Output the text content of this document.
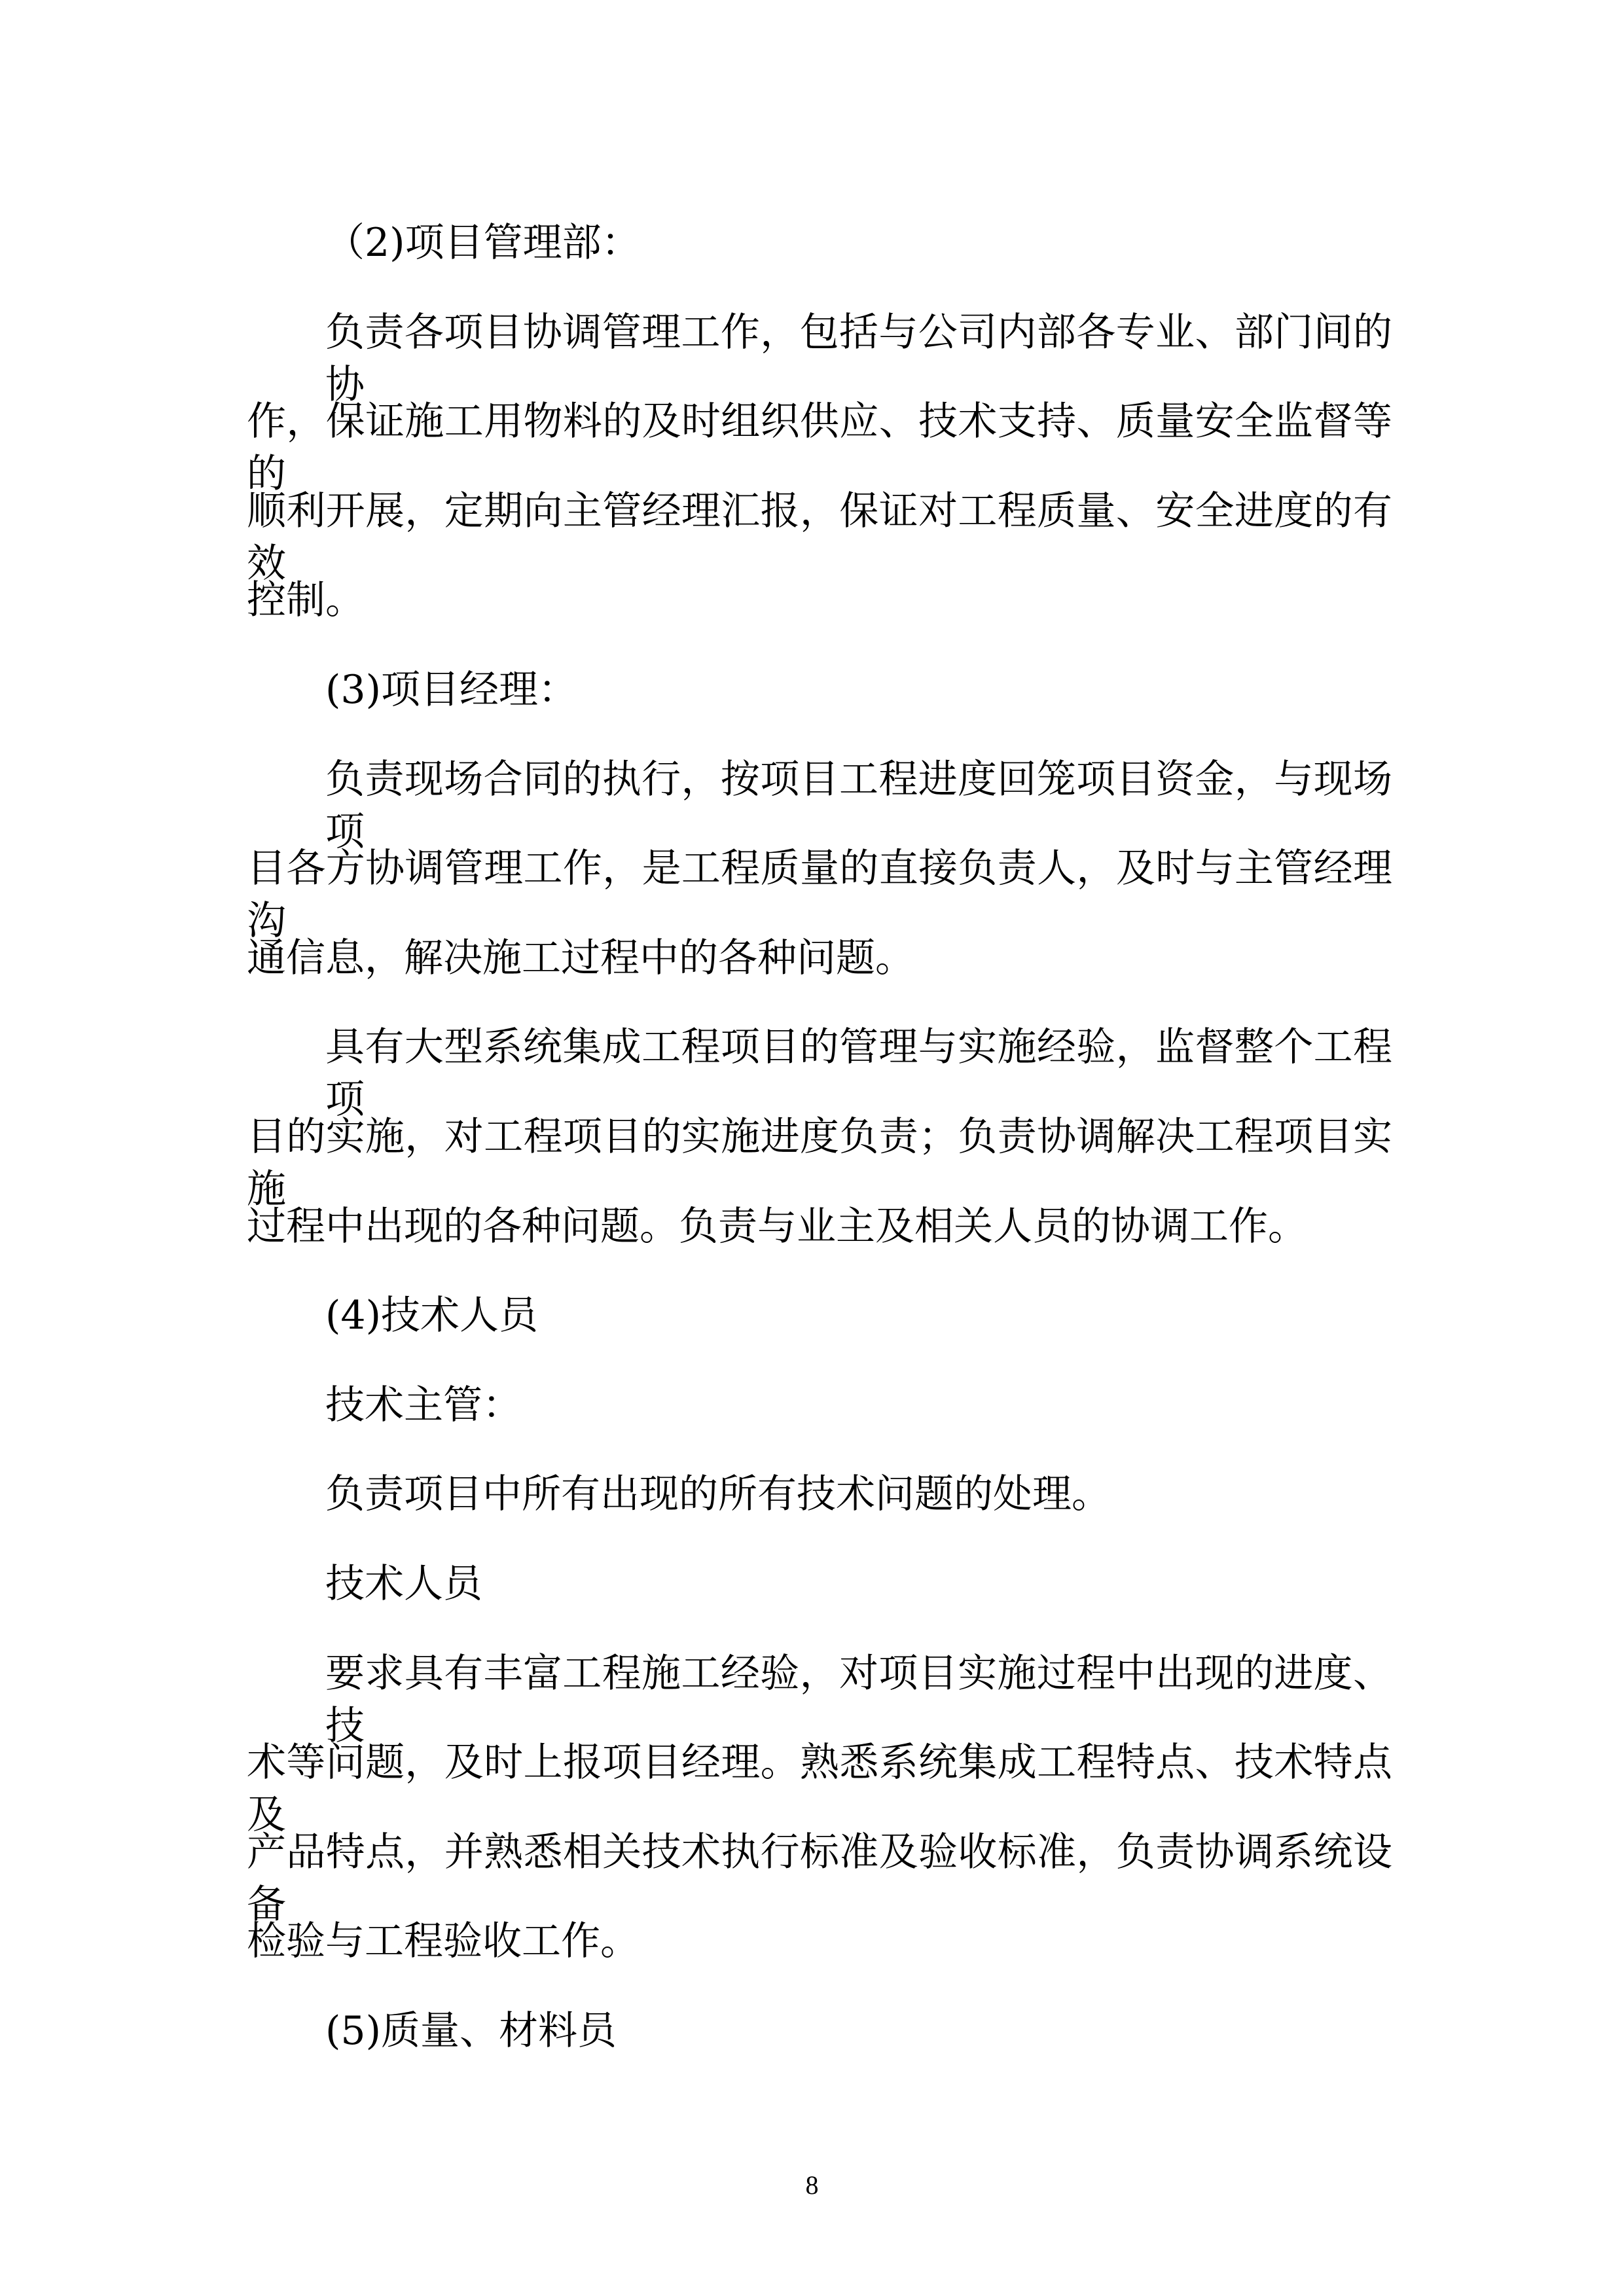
（2)项目管理部：
负责各项目协调管理工作，包括与公司内部各专业、部门间的协
作，保证施工用物料的及时组织供应、技术支持、质量安全监督等的
顺利开展，定期向主管经理汇报，保证对工程质量、安全进度的有效
控制。
(3)项目经理：
负责现场合同的执行，按项目工程进度回笼项目资金，与现场项
目各方协调管理工作，是工程质量的直接负责人，及时与主管经理沟
通信息，解决施工过程中的各种问题。
具有大型系统集成工程项目的管理与实施经验，监督整个工程项
目的实施，对工程项目的实施进度负责；负责协调解决工程项目实施
过程中出现的各种问题。负责与业主及相关人员的协调工作。
(4)技术人员
技术主管：
负责项目中所有出现的所有技术问题的处理。
技术人员
要求具有丰富工程施工经验，对项目实施过程中出现的进度、技
术等问题，及时上报项目经理。熟悉系统集成工程特点、技术特点及
产品特点，并熟悉相关技术执行标准及验收标准，负责协调系统设备
检验与工程验收工作。
(5)质量、材料员
8
